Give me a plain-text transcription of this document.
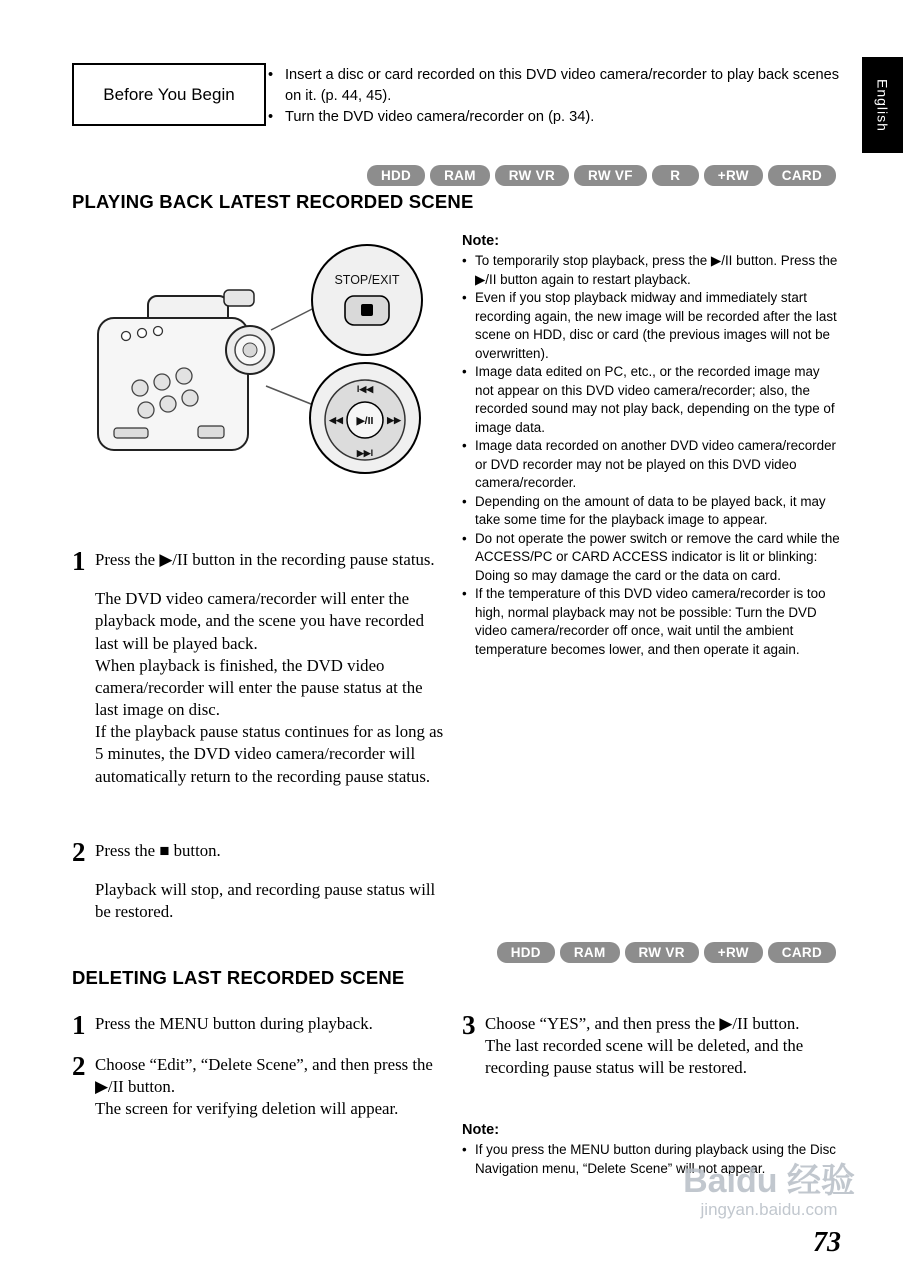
English
Before You Begin
• Insert a disc or card recorded on this DVD video camera/recorder to play back scenes on it. (p. 44, 45).
• Turn the DVD video camera/recorder on (p. 34).
HDD	RAM	RW VR	RW VF	R	+RW	CARD
PLAYING BACK LATEST RECORDED SCENE
STOP/EXIT
I◀◀
◀◀	▶▶
▶▶I
▶/II
Note:
• To temporarily stop playback, press the ▶/II button. Press the ▶/II button again to restart playback.
• Even if you stop playback midway and immediately start recording again, the new image will be recorded after the last scene on HDD, disc or card (the previous images will not be overwritten).
• Image data edited on PC, etc., or the recorded image may not appear on this DVD video camera/recorder; also, the recorded sound may not play back, depending on the type of image data.
• Image data recorded on another DVD video camera/recorder or DVD recorder may not be played on this DVD video camera/recorder.
• Depending on the amount of data to be played back, it may take some time for the playback image to appear.
• Do not operate the power switch or remove the card while the ACCESS/PC or CARD ACCESS indicator is lit or blinking: Doing so may damage the card or the data on card.
• If the temperature of this DVD video camera/recorder is too high, normal playback may not be possible: Turn the DVD video camera/recorder off once, wait until the ambient temperature becomes lower, and then operate it again.
1 Press the ▶/II button in the recording pause status.
The DVD video camera/recorder will enter the playback mode, and the scene you have recorded last will be played back.
When playback is finished, the DVD video camera/recorder will enter the pause status at the last image on disc.
If the playback pause status continues for as long as 5 minutes, the DVD video camera/recorder will automatically return to the recording pause status.
2 Press the ■ button.
Playback will stop, and recording pause status will be restored.
HDD	RAM	RW VR	+RW	CARD
DELETING LAST RECORDED SCENE
1 Press the MENU button during playback.
2 Choose “Edit”, “Delete Scene”, and then press the ▶/II button.
The screen for verifying deletion will appear.
3 Choose “YES”, and then press the ▶/II button.
The last recorded scene will be deleted, and the recording pause status will be restored.
Note:
• If you press the MENU button during playback using the Disc Navigation menu, “Delete Scene” will not appear.
Baidu 经验
jingyan.baidu.com
73
